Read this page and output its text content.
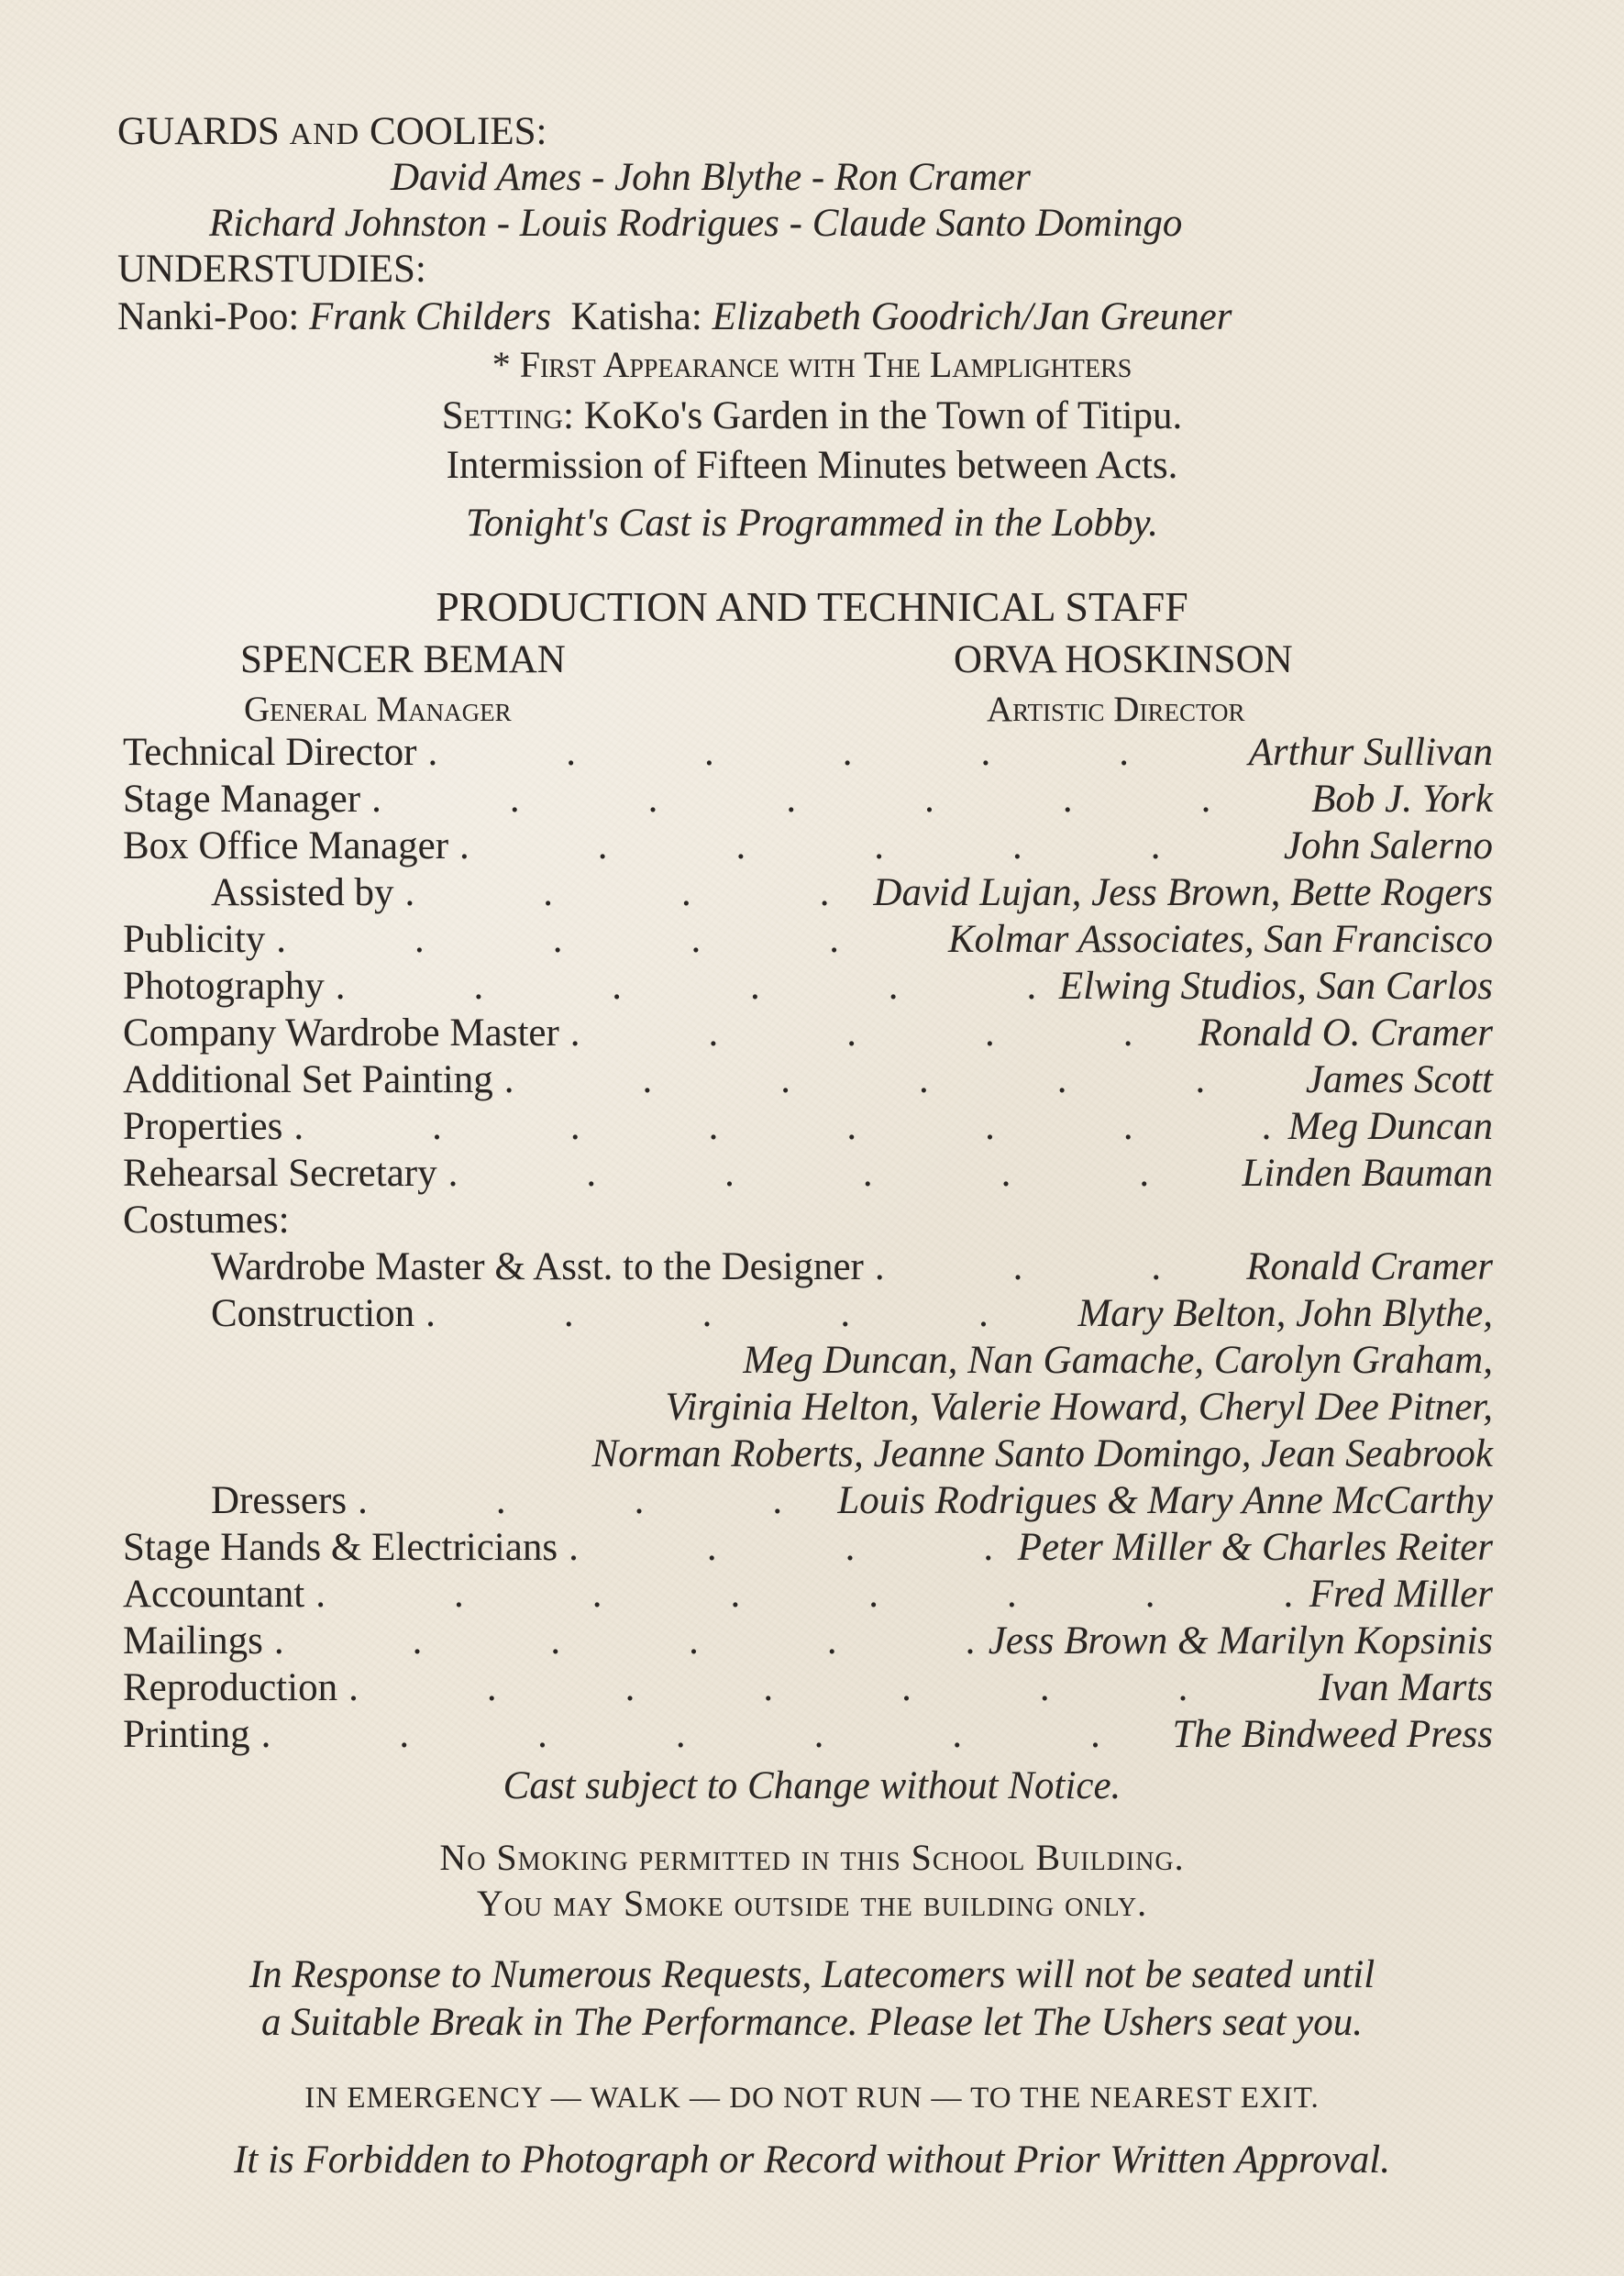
GUARDS AND COOLIES:
David Ames - John Blythe - Ron Cramer
Richard Johnston - Louis Rodrigues - Claude Santo Domingo
UNDERSTUDIES:
Nanki-Poo: Frank Childers Katisha: Elizabeth Goodrich/Jan Greuner
* First Appearance with The Lamplighters
Setting: KoKo's Garden in the Town of Titipu.
Intermission of Fifteen Minutes between Acts.
Tonight's Cast is Programmed in the Lobby.
PRODUCTION AND TECHNICAL STAFF
SPENCER BEMAN	ORVA HOSKINSON
General Manager	Artistic Director
Technical Director .	Arthur Sullivan
Stage Manager .	Bob J. York
Box Office Manager .	John Salerno
Assisted by .	David Lujan, Jess Brown, Bette Rogers
Publicity .	Kolmar Associates, San Francisco
Photography .	Elwing Studios, San Carlos
Company Wardrobe Master .	Ronald O. Cramer
Additional Set Painting .	James Scott
Properties .	Meg Duncan
Rehearsal Secretary .	Linden Bauman
Costumes:
Wardrobe Master & Asst. to the Designer .	Ronald Cramer
Construction .	Mary Belton, John Blythe,
Meg Duncan, Nan Gamache, Carolyn Graham,
Virginia Helton, Valerie Howard, Cheryl Dee Pitner,
Norman Roberts, Jeanne Santo Domingo, Jean Seabrook
Dressers .	Louis Rodrigues & Mary Anne McCarthy
Stage Hands & Electricians .	Peter Miller & Charles Reiter
Accountant .	Fred Miller
Mailings .	Jess Brown & Marilyn Kopsinis
Reproduction .	Ivan Marts
Printing .	The Bindweed Press
Cast subject to Change without Notice.
No Smoking permitted in this School Building.
You may Smoke outside the building only.
In Response to Numerous Requests, Latecomers will not be seated until
a Suitable Break in The Performance. Please let The Ushers seat you.
IN EMERGENCY — WALK — DO NOT RUN — TO THE NEAREST EXIT.
It is Forbidden to Photograph or Record without Prior Written Approval.
